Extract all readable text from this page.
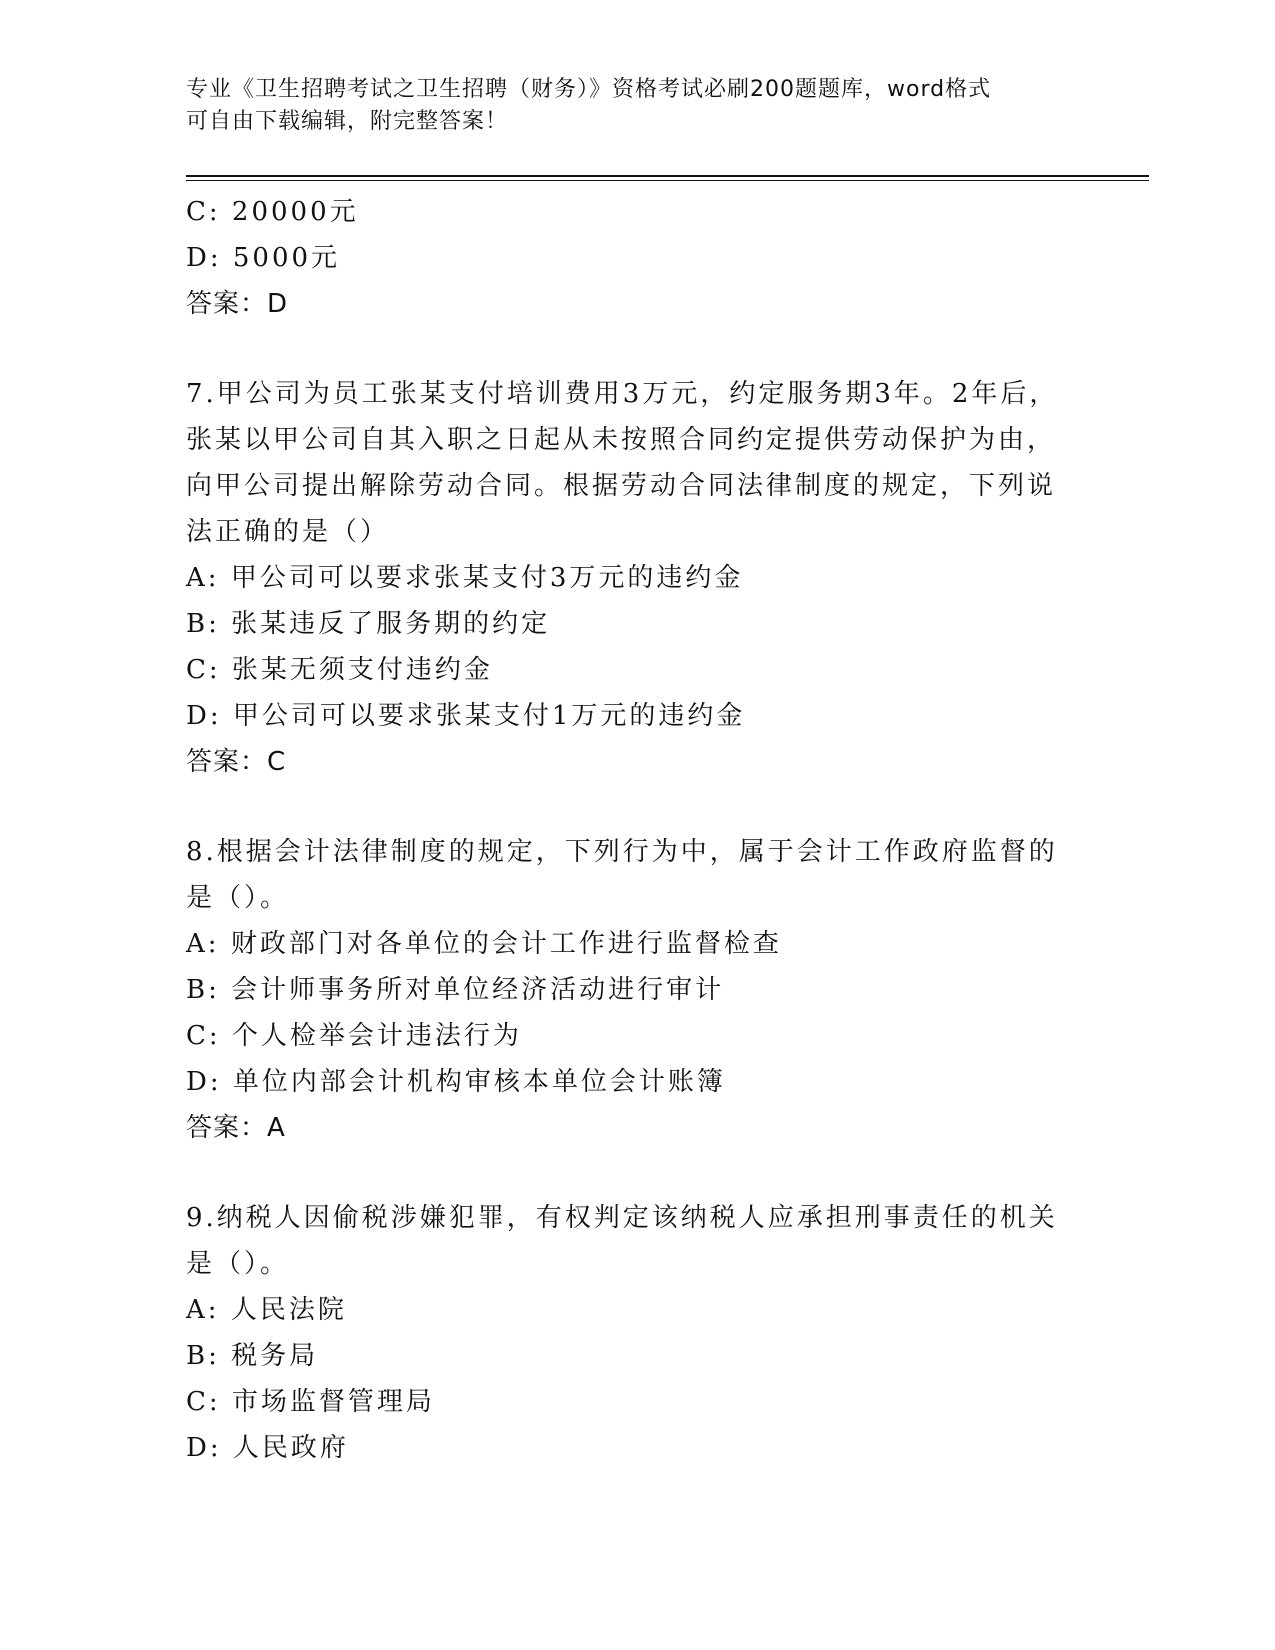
专业《卫生招聘考试之卫生招聘（财务）》资格考试必刷200题题库，word格式
可自由下载编辑，附完整答案！
C: 20000元
D: 5000元
答案：D
7.甲公司为员工张某支付培训费用3万元，约定服务期3年。2年后，
张某以甲公司自其入职之日起从未按照合同约定提供劳动保护为由，
向甲公司提出解除劳动合同。根据劳动合同法律制度的规定，下列说
法正确的是（）
A: 甲公司可以要求张某支付3万元的违约金
B: 张某违反了服务期的约定
C: 张某无须支付违约金
D: 甲公司可以要求张某支付1万元的违约金
答案：C
8.根据会计法律制度的规定，下列行为中，属于会计工作政府监督的
是（）。
A: 财政部门对各单位的会计工作进行监督检查
B: 会计师事务所对单位经济活动进行审计
C: 个人检举会计违法行为
D: 单位内部会计机构审核本单位会计账簿
答案：A
9.纳税人因偷税涉嫌犯罪，有权判定该纳税人应承担刑事责任的机关
是（）。
A: 人民法院
B: 税务局
C: 市场监督管理局
D: 人民政府
